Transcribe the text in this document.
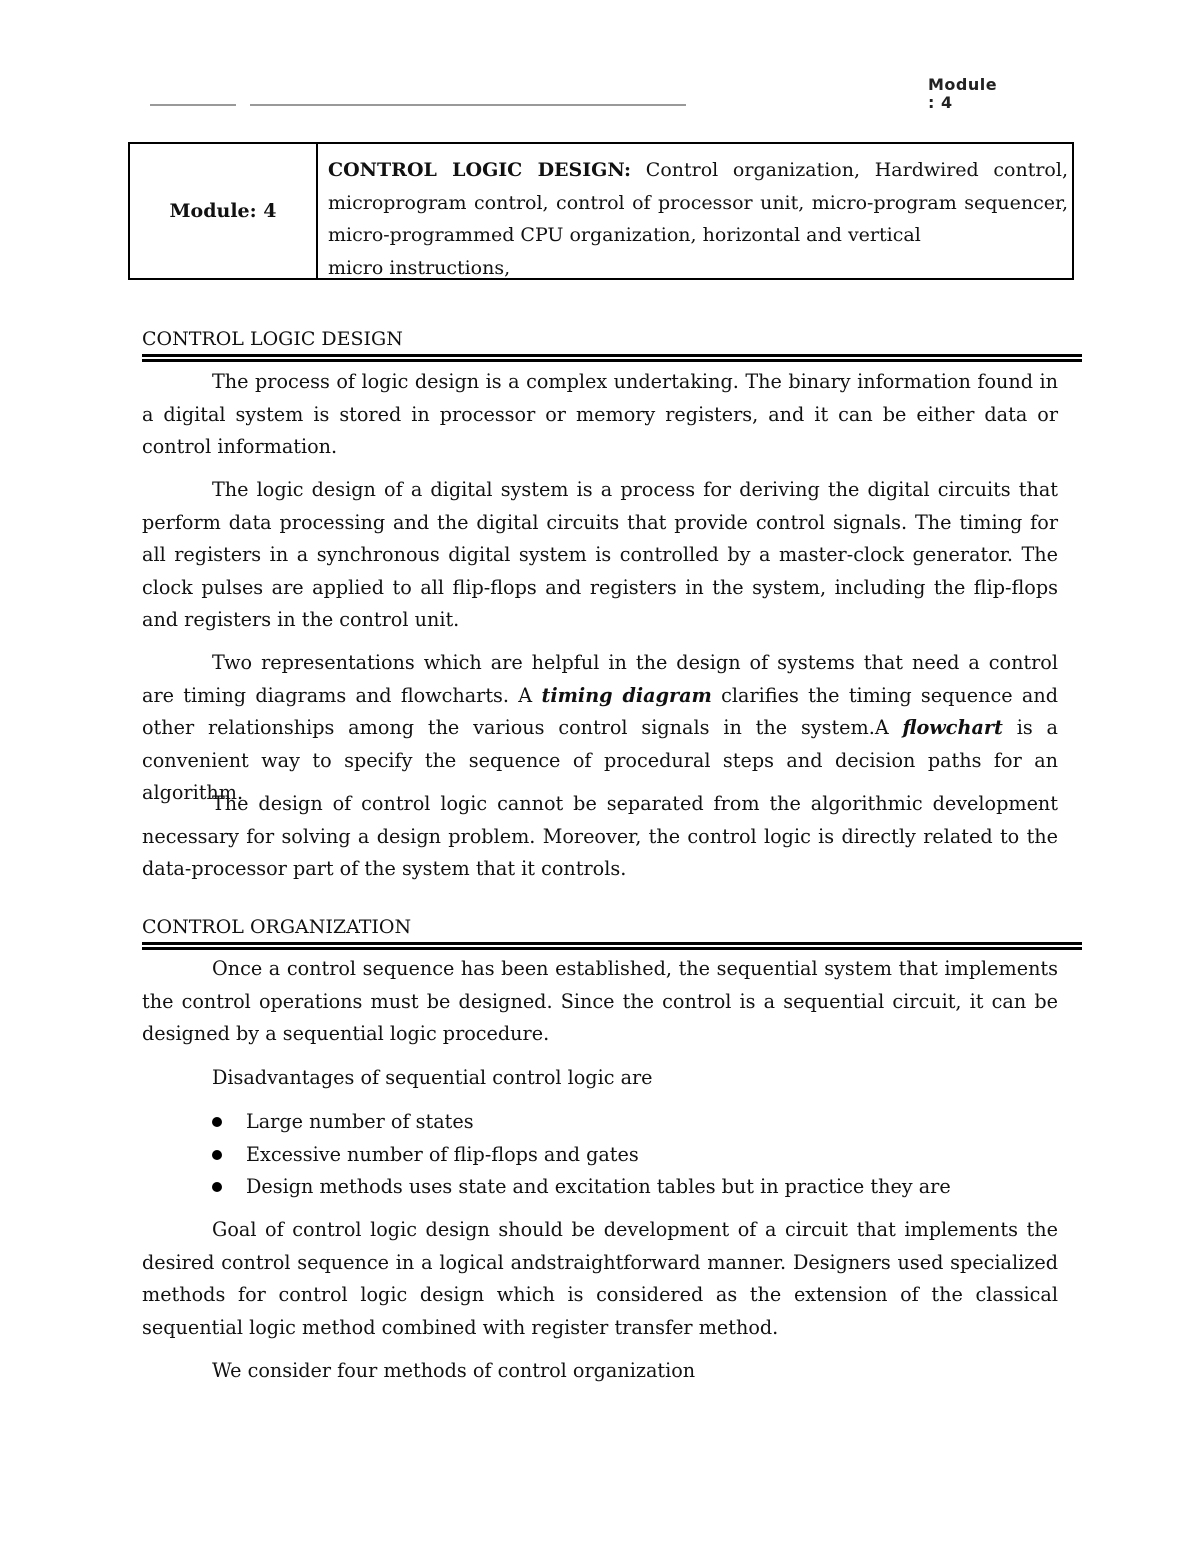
Module
: 4
Module: 4
CONTROL LOGIC DESIGN: Control organization, Hardwired control,
microprogram control, control of processor unit, micro-program sequencer,
micro-programmed CPU organization, horizontal and vertical
micro instructions,
CONTROL LOGIC DESIGN

The process of logic design is a complex undertaking. The binary information found in a digital system is stored in processor or memory registers, and it can be either data or control information.

The logic design of a digital system is a process for deriving the digital circuits that perform data processing and the digital circuits that provide control signals. The timing for all registers in a synchronous digital system is controlled by a master-clock generator. The clock pulses are applied to all flip-flops and registers in the system, including the flip-flops and registers in the control unit.

Two representations which are helpful in the design of systems that need a control are timing diagrams and flowcharts. A timing diagram clarifies the timing sequence and other relationships among the various control signals in the system.A flowchart is a convenient way to specify the sequence of procedural steps and decision paths for an algorithm.

The design of control logic cannot be separated from the algorithmic development necessary for solving a design problem. Moreover, the control logic is directly related to the data-processor part of the system that it controls.

CONTROL ORGANIZATION

Once a control sequence has been established, the sequential system that implements the control operations must be designed. Since the control is a sequential circuit, it can be designed by a sequential logic procedure.

Disadvantages of sequential control logic are

Large number of states
Excessive number of flip-flops and gates
Design methods uses state and excitation tables but in practice they are

Goal of control logic design should be development of a circuit that implements the desired control sequence in a logical andstraightforward manner. Designers used specialized methods for control logic design which is considered as the extension of the classical sequential logic method combined with register transfer method.

We consider four methods of control organization
